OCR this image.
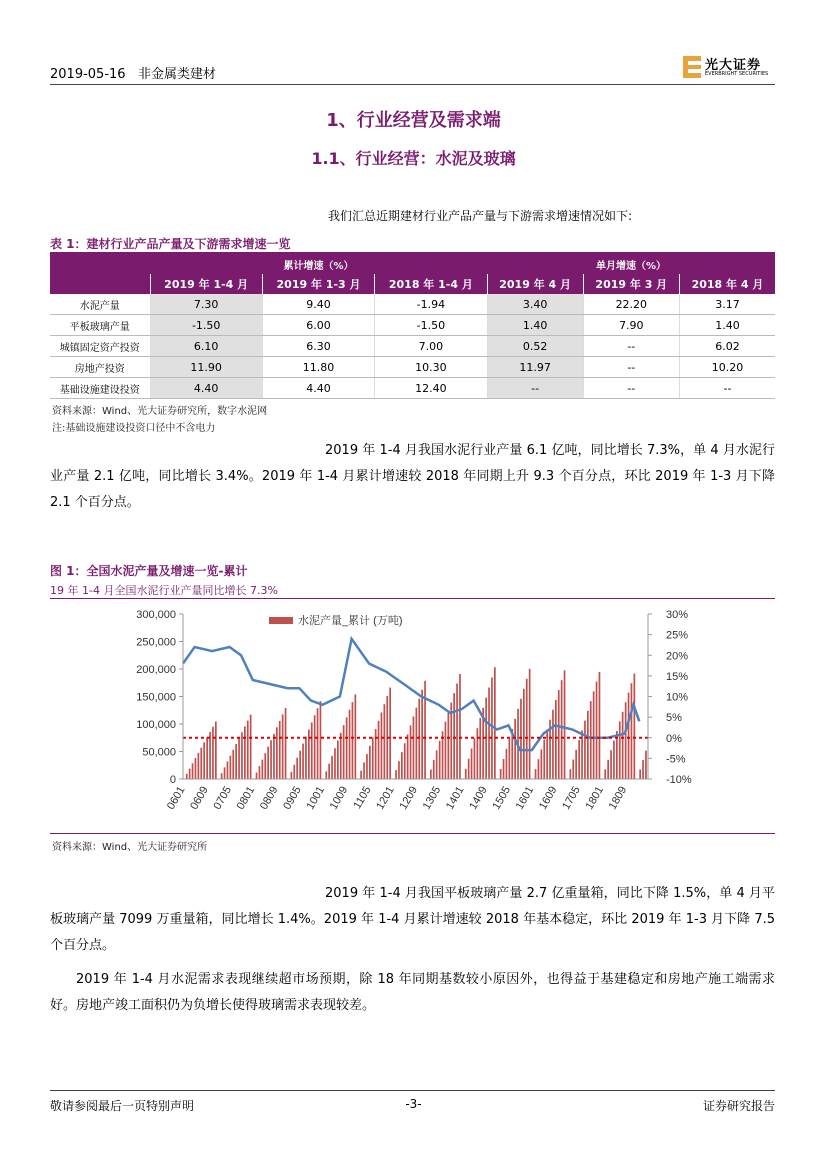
2019-05-16 非金属类建材
光大证券
EVERBRIGHT SECURITIES
1、行业经营及需求端
1.1、行业经营：水泥及玻璃
我们汇总近期建材行业产品产量与下游需求增速情况如下:
表 1：建材行业产品产量及下游需求增速一览
	累计增速（%）			单月增速（%）		
	2019 年 1-4 月	2019 年 1-3 月	2018 年 1-4 月	2019 年 4 月	2019 年 3 月	2018 年 4 月
水泥产量	7.30	9.40	-1.94	3.40	22.20	3.17
平板玻璃产量	-1.50	6.00	-1.50	1.40	7.90	1.40
城镇固定资产投资	6.10	6.30	7.00	0.52	--	6.02
房地产投资	11.90	11.80	10.30	11.97	--	10.20
基础设施建设投资	4.40	4.40	12.40	--	--	--
资料来源：Wind、光大证券研究所，数字水泥网
注:基础设施建设投资口径中不含电力

2019 年 1-4 月我国水泥行业产量 6.1 亿吨，同比增长 7.3%，单 4 月水泥行业产量 2.1 亿吨，同比增长 3.4%。2019 年 1-4 月累计增速较 2018 年同期上升 9.3 个百分点，环比 2019 年 1-3 月下降 2.1 个百分点。

图 1：全国水泥产量及增速一览-累计
19 年 1-4 月全国水泥行业产量同比增长 7.3%
0
50,000
100,000
150,000
200,000
250,000
300,000
-10%
-5%
0%
5%
10%
15%
20%
25%
30%
0601 0609 0705 0801 0809 0905 1001 1009 1105 1201 1209 1305 1401 1409 1505 1601 1609 1705 1801 1809
水泥产量_累计 (万吨)
资料来源：Wind、光大证券研究所

2019 年 1-4 月我国平板玻璃产量 2.7 亿重量箱，同比下降 1.5%，单 4 月平板玻璃产量 7099 万重量箱，同比增长 1.4%。2019 年 1-4 月累计增速较 2018 年基本稳定，环比 2019 年 1-3 月下降 7.5 个百分点。

2019 年 1-4 月水泥需求表现继续超市场预期，除 18 年同期基数较小原因外，也得益于基建稳定和房地产施工端需求好。房地产竣工面积仍为负增长使得玻璃需求表现较差。

敬请参阅最后一页特别声明	-3-	证券研究报告
